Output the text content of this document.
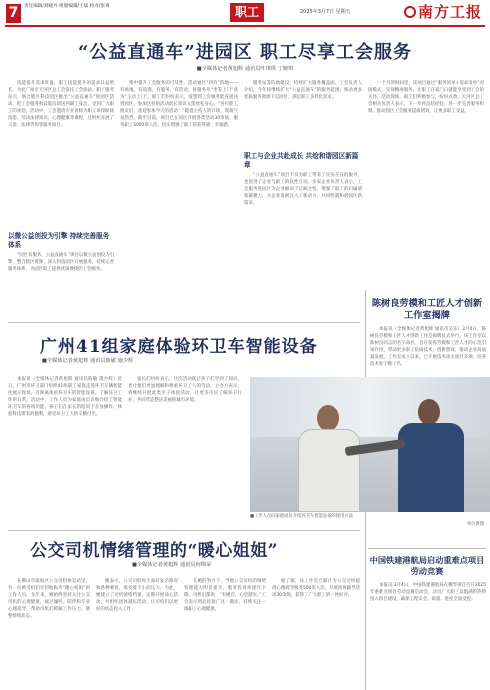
7	责任编辑/刘晓丹 组版编辑/王斌 校对/张爽	职工	2025年3月7日 星期五	南方工报
“公益直通车”进园区 职工尽享工会服务
■全媒体记者黄旭辉 通讯员叶琪琪 丁婉琪

技能提升需求旺盛，职工技能提升的需求日益增长，为此广州市天河区总工会依托工会驿站、职工服务站点，联合辖区科技园区推出“公益直通车”进园区活动，把工会服务和技能培训送到职工身边，受到广大职工的欢迎。活动中，工会邀请专业讲师为职工讲授职场技能、劳动法律知识、心理健康等课程，还组织开展了义诊、法律咨询等服务项目。

以微公益创投为引擎 持续完善服务体系

“园区有服务，公益直通车”项目以微公益创投为引擎，整合辖区资源，深入科技园区开展服务，持续完善服务体系，为园区职工提供优质便捷的工会服务。

集中提升工会服务的可及性，活动通过“四有”阵地——有场地、有设施、有服务、有活动，将服务从“坐等上门”变为“主动上门”。职工们纷纷表示，没想到工会服务能直接送到园区，参加这样的活动既长知识又能放松身心。“各位职工朋友们，欢迎参加今天的活动！”随着主持人的开场，现场气氛热烈。截至目前，项目已在园区开展各类活动30余场，服务职工3000余人次，切实增强了职工的获得感、幸福感。

服务站等阵地建设，持续扩大服务覆盖面。工会负责人介绍，今年将继续扩大“公益直通车”的服务范围，推动更多优质服务资源下沉园区，满足职工多样化需求。

职工与企业共赴成长 共绘和谐园区新篇章

“公益直通车”项目不仅为职工带来了实实在在的服务，也促进了企业与职工的良性互动。多家企业负责人表示，工会服务进园区为企业解决了后顾之忧，增强了职工的归属感和凝聚力，为企业发展注入了新动力，共同绘就和谐园区新篇章。

一个月的时间里，该项目通过“服务清单+需求清单”对接模式，实现精准服务，让职工在家门口就能享受到工会的关怀。活动现场，职工们积极参与，纷纷点赞。天河区总工会相关负责人表示，下一步将总结经验，进一步完善服务机制，推动园区工会服务提质增效，让更多职工受益。

陈树良劳模和工匠人才创新工作室揭牌

本报讯（全媒体记者黄旭辉 通讯员吴乐）3月4日，陈树良劳模和工匠人才创新工作室揭牌仪式举行。该工作室以陈树良同志的名字命名，旨在发挥劳模和工匠人才的示范引领作用，带动更多职工钻研技术、创新创效，推动企业高质量发展。工作室成立以来，已开展技术攻关项目多项，培养技术骨干数十名。

广州41组家庭体验环卫车智能设备
■全媒体记者黄旭辉 通讯员陈敏 施少辉

本报讯（全媒体记者黄旭辉 通讯员陈敏 施少辉）近日，广州市环卫部门组织41组职工家庭走进环卫车辆智能化展示现场，近距离体验环卫车的智能设备，了解环卫工作的日常。活动中，工作人员为家庭成员详细介绍了智能环卫车的各项功能，孩子们在家长的陪同下亲身操作，体验科技带来的便利，感受环卫工人的辛勤付出。

家长们纷纷表示，这次活动既让孩子们学到了知识，也让他们更加理解和尊重环卫工人的劳动。主办方表示，将继续开展此类亲子体验活动，让更多市民了解环卫行业，共同营造整洁美丽的城市环境。

■工作人员向家庭成员介绍环卫车智能设备的使用方法
单位供图
公交司机情绪管理的“暖心姐姐”
■全媒体记者黄旭辉 通讯员何锦荣

在佛山市南海区公交司机休息站里，有一位被司机们亲切地称为“暖心姐姐”的工作人员。多年来，她始终坚持关注公交司机的心理健康，通过倾听、陪伴和专业心理疏导，帮助司机们缓解工作压力，调整情绪状态。

她表示，公交司机每天面对复杂路况和各种乘客，承受着不小的压力。为此，她建立了司机情绪档案，定期开展谈心活动，并组织团体减压活动，让司机们以更好的状态投入工作。

在她的努力下，当地公交司机的情绪管理能力明显提升，服务投诉率逐年下降。司机们都说：“有她在，心里踏实。”工会表示将总结推广这一做法，持续关注一线职工心理健康。

据了解，该工作室已累计为公交司机提供心理疏导服务500余人次，开展团体辅导活动30余场，获得了广大职工的一致好评。

中国铁建港航局启动重难点项目劳动竞赛

本报讯 3月4日，中国铁建港航局在横琴项目召开2025年重难点项目劳动竞赛启动会，动员广大职工以饱满的热情投入项目建设，确保工程安全、质量、进度全面受控。
